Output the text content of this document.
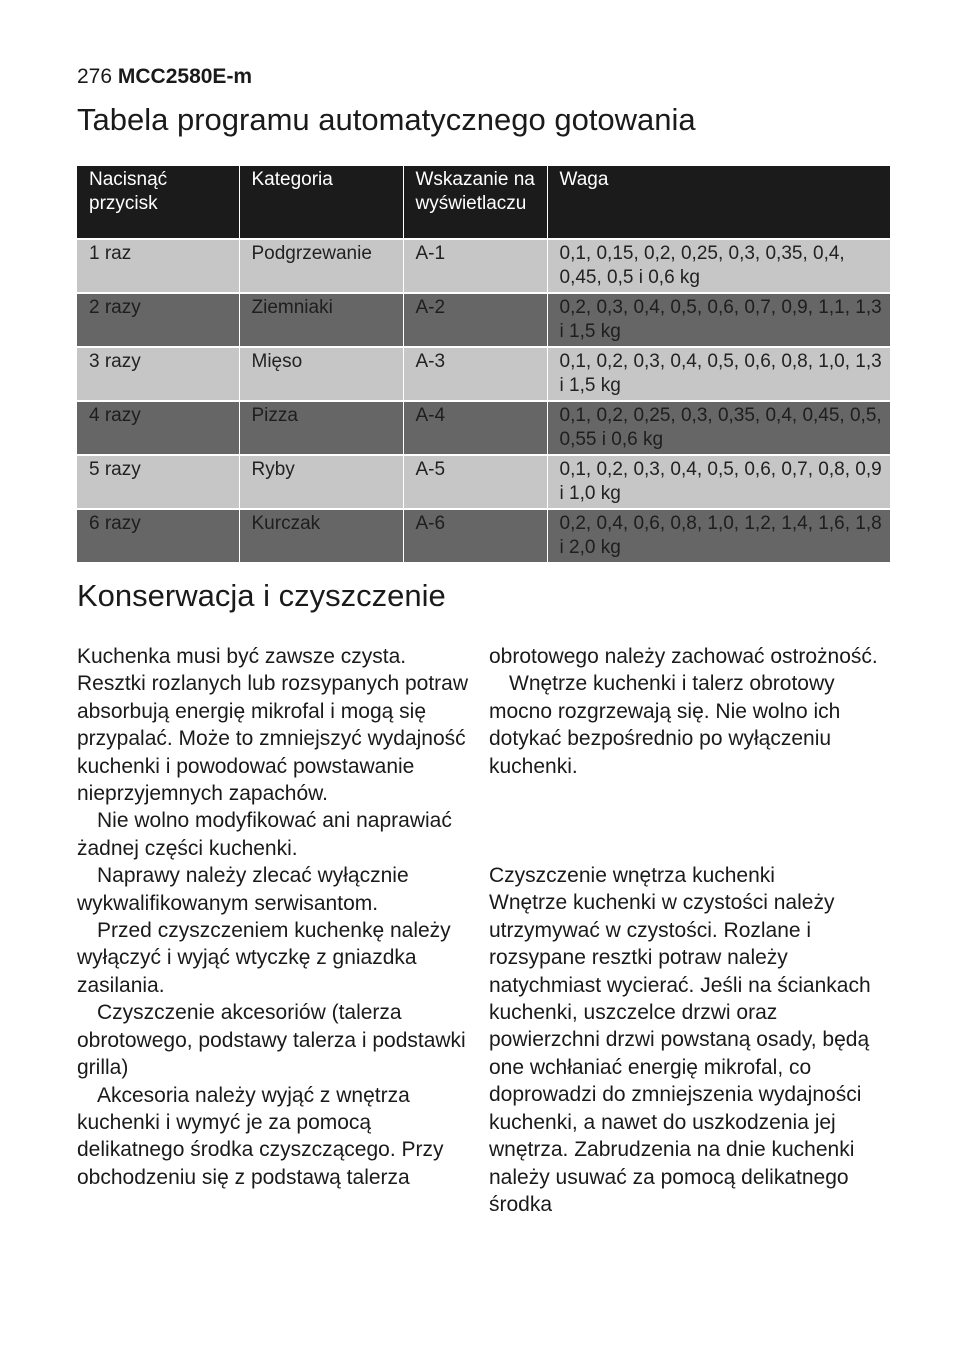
276 MCC2580E-m
Tabela programu automatycznego gotowania
Nacisnąć przycisk	Kategoria	Wskazanie na wyświetlaczu	Waga
1 raz	Podgrzewanie	A-1	0,1, 0,15, 0,2, 0,25, 0,3, 0,35, 0,4, 0,45, 0,5 i 0,6 kg
2 razy	Ziemniaki	A-2	0,2, 0,3, 0,4, 0,5, 0,6, 0,7, 0,9, 1,1, 1,3 i 1,5 kg
3 razy	Mięso	A-3	0,1, 0,2, 0,3, 0,4, 0,5, 0,6, 0,8, 1,0, 1,3 i 1,5 kg
4 razy	Pizza	A-4	0,1, 0,2, 0,25, 0,3, 0,35, 0,4, 0,45, 0,5, 0,55 i 0,6 kg
5 razy	Ryby	A-5	0,1, 0,2, 0,3, 0,4, 0,5, 0,6, 0,7, 0,8, 0,9 i 1,0 kg
6 razy	Kurczak	A-6	0,2, 0,4, 0,6, 0,8, 1,0, 1,2, 1,4, 1,6, 1,8 i 2,0 kg
Konserwacja i czyszczenie

Kuchenka musi być zawsze czysta. Resztki rozlanych lub rozsypanych potraw absorbują energię mikrofal i mogą się przypalać. Może to zmniejszyć wydajność kuchenki i powodować powstawanie nieprzyjemnych zapachów.

Nie wolno modyfikować ani naprawiać żadnej części kuchenki.

Naprawy należy zlecać wyłącznie wykwalifikowanym serwisantom.

Przed czyszczeniem kuchenkę należy wyłączyć i wyjąć wtyczkę z gniazdka zasilania.

Czyszczenie akcesoriów (talerza obrotowego, podstawy talerza i podstawki grilla)

Akcesoria należy wyjąć z wnętrza kuchenki i wymyć je za pomocą delikatnego środka czyszczącego. Przy obchodzeniu się z podstawą talerza

obrotowego należy zachować ostrożność.

Wnętrze kuchenki i talerz obrotowy mocno rozgrzewają się. Nie wolno ich dotykać bezpośrednio po wyłączeniu kuchenki.

Czyszczenie wnętrza kuchenki

Wnętrze kuchenki w czystości należy utrzymywać w czystości. Rozlane i rozsypane resztki potraw należy natychmiast wycierać. Jeśli na ściankach kuchenki, uszczelce drzwi oraz powierzchni drzwi powstaną osady, będą one wchłaniać energię mikrofal, co doprowadzi do zmniejszenia wydajności kuchenki, a nawet do uszkodzenia jej wnętrza. Zabrudzenia na dnie kuchenki należy usuwać za pomocą delikatnego środka
